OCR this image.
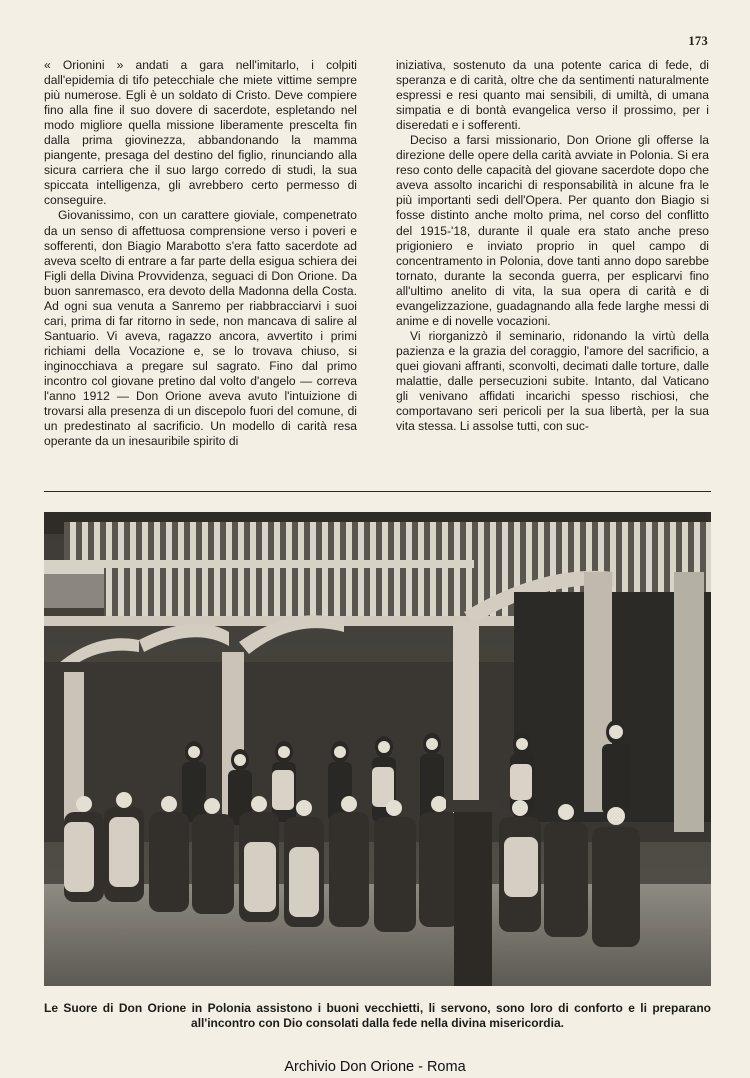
173

« Orionini » andati a gara nell'imitarlo, i colpiti dall'epidemia di tifo petecchiale che miete vittime sempre più numerose. Egli è un soldato di Cristo. Deve compiere fino alla fine il suo dovere di sacerdote, espletando nel modo migliore quella missione liberamente prescelta fin dalla prima giovinezza, abbandonando la mamma piangente, presaga del destino del figlio, rinunciando alla sicura carriera che il suo largo corredo di studi, la sua spiccata intelligenza, gli avrebbero certo permesso di conseguire.

Giovanissimo, con un carattere gioviale, compenetrato da un senso di affettuosa comprensione verso i poveri e sofferenti, don Biagio Marabotto s'era fatto sacerdote ad aveva scelto di entrare a far parte della esigua schiera dei Figli della Divina Provvidenza, seguaci di Don Orione. Da buon sanremasco, era devoto della Madonna della Costa. Ad ogni sua venuta a Sanremo per riabbracciarvi i suoi cari, prima di far ritorno in sede, non mancava di salire al Santuario. Vi aveva, ragazzo ancora, avvertito i primi richiami della Vocazione e, se lo trovava chiuso, si inginocchiava a pregare sul sagrato. Fino dal primo incontro col giovane pretino dal volto d'angelo — correva l'anno 1912 — Don Orione aveva avuto l'intuizione di trovarsi alla presenza di un discepolo fuori del comune, di un predestinato al sacrificio. Un modello di carità resa operante da un inesauribile spirito di

iniziativa, sostenuto da una potente carica di fede, di speranza e di carità, oltre che da sentimenti naturalmente espressi e resi quanto mai sensibili, di umiltà, di umana simpatia e di bontà evangelica verso il prossimo, per i diseredati e i sofferenti.

Deciso a farsi missionario, Don Orione gli offerse la direzione delle opere della carità avviate in Polonia. Si era reso conto delle capacità del giovane sacerdote dopo che aveva assolto incarichi di responsabilità in alcune fra le più importanti sedi dell'Opera. Per quanto don Biagio si fosse distinto anche molto prima, nel corso del conflitto del 1915-'18, durante il quale era stato anche preso prigioniero e inviato proprio in quel campo di concentramento in Polonia, dove tanti anno dopo sarebbe tornato, durante la seconda guerra, per esplicarvi fino all'ultimo anelito di vita, la sua opera di carità e di evangelizzazione, guadagnando alla fede larghe messi di anime e di novelle vocazioni.

Vi riorganizzò il seminario, ridonando la virtù della pazienza e la grazia del coraggio, l'amore del sacrificio, a quei giovani affranti, sconvolti, decimati dalle torture, dalle malattie, dalle persecuzioni subite. Intanto, dal Vaticano gli venivano affidati incarichi spesso rischiosi, che comportavano seri pericoli per la sua libertà, per la sua vita stessa. Li assolse tutti, con suc-

Le Suore di Don Orione in Polonia assistono i buoni vecchietti, li servono, sono loro di conforto e li preparano all'incontro con Dio consolati dalla fede nella divina misericordia.
Archivio Don Orione - Roma
